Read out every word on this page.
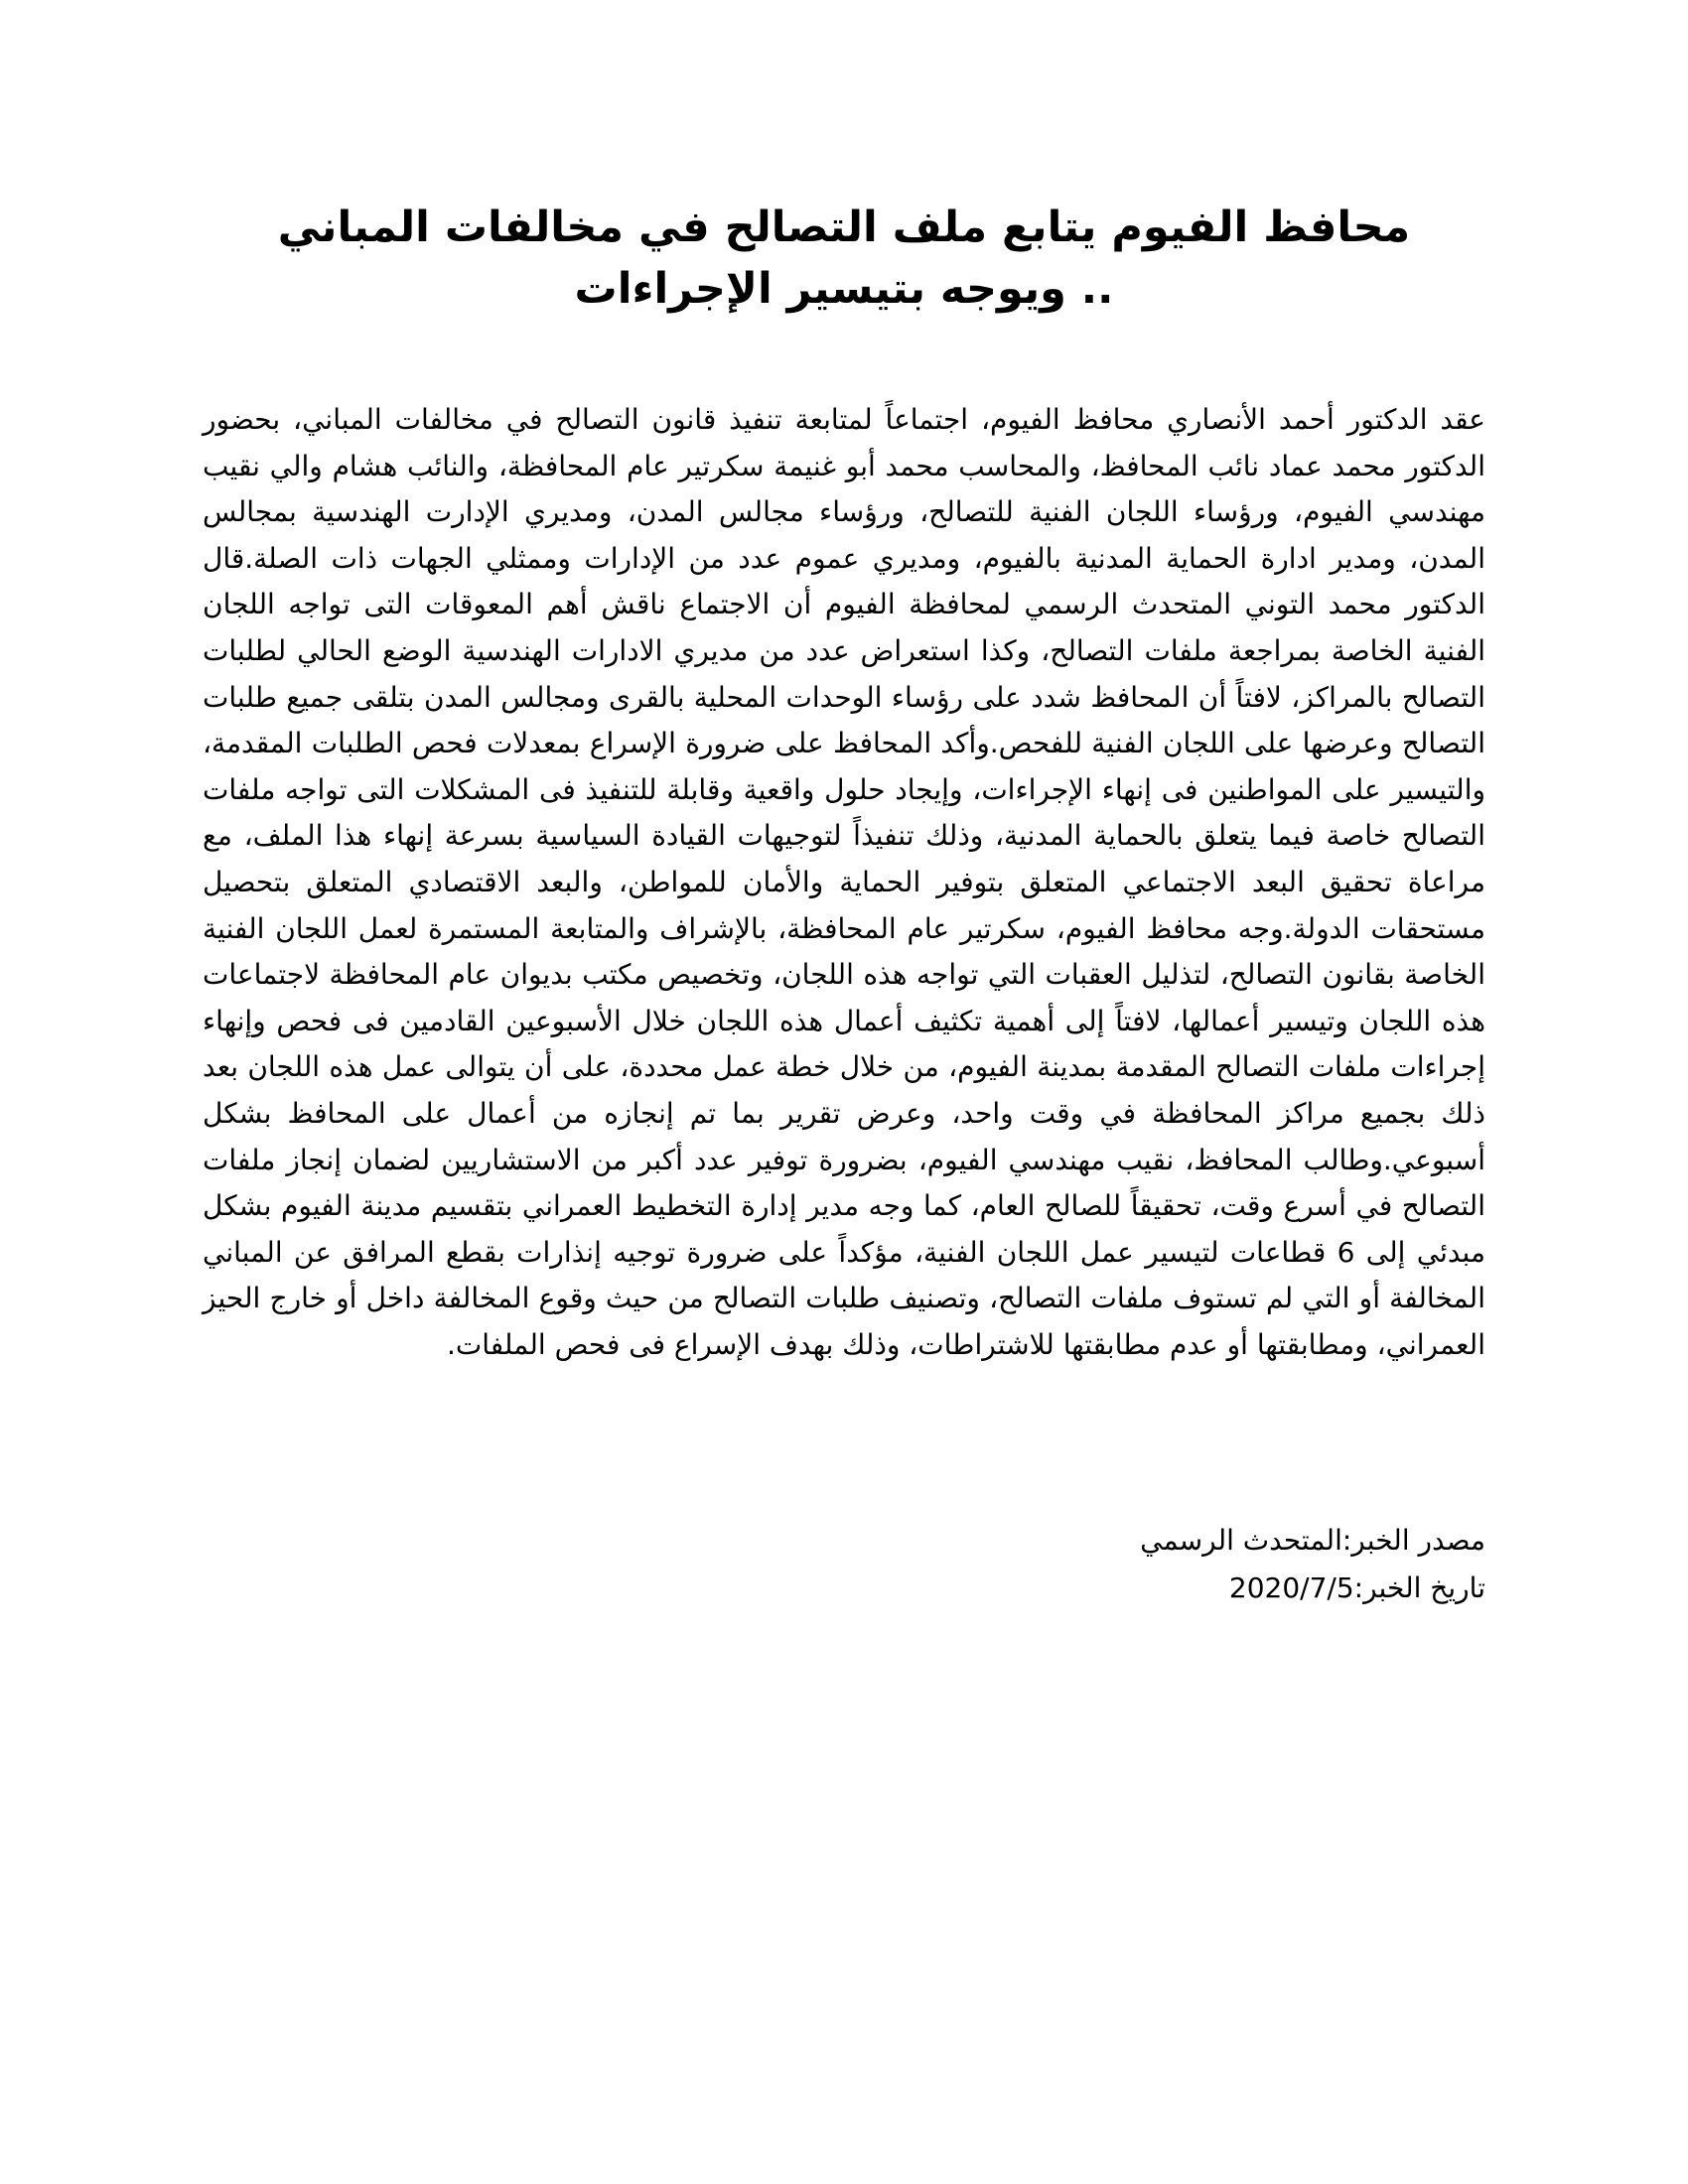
محافظ الفيوم يتابع ملف التصالح في مخالفات المباني .. ويوجه بتيسير الإجراءات

عقد الدكتور أحمد الأنصاري محافظ الفيوم، اجتماعاً لمتابعة تنفيذ قانون التصالح في مخالفات المباني، بحضور الدكتور محمد عماد نائب المحافظ، والمحاسب محمد أبو غنيمة سكرتير عام المحافظة، والنائب هشام والي نقيب مهندسي الفيوم، ورؤساء اللجان الفنية للتصالح، ورؤساء مجالس المدن، ومديري الإدارت الهندسية بمجالس المدن، ومدير ادارة الحماية المدنية بالفيوم، ومديري عموم عدد من الإدارات وممثلي الجهات ذات الصلة.قال الدكتور محمد التوني المتحدث الرسمي لمحافظة الفيوم أن الاجتماع ناقش أهم المعوقات التى تواجه اللجان الفنية الخاصة بمراجعة ملفات التصالح، وكذا استعراض عدد من مديري الادارات الهندسية الوضع الحالي لطلبات التصالح بالمراكز، لافتاً أن المحافظ شدد على رؤساء الوحدات المحلية بالقرى ومجالس المدن بتلقى جميع طلبات التصالح وعرضها على اللجان الفنية للفحص.وأكد المحافظ على ضرورة الإسراع بمعدلات فحص الطلبات المقدمة، والتيسير على المواطنين فى إنهاء الإجراءات، وإيجاد حلول واقعية وقابلة للتنفيذ فى المشكلات التى تواجه ملفات التصالح خاصة فيما يتعلق بالحماية المدنية، وذلك تنفيذاً لتوجيهات القيادة السياسية بسرعة إنهاء هذا الملف، مع مراعاة تحقيق البعد الاجتماعي المتعلق بتوفير الحماية والأمان للمواطن، والبعد الاقتصادي المتعلق بتحصيل مستحقات الدولة.وجه محافظ الفيوم، سكرتير عام المحافظة، بالإشراف والمتابعة المستمرة لعمل اللجان الفنية الخاصة بقانون التصالح، لتذليل العقبات التي تواجه هذه اللجان، وتخصيص مكتب بديوان عام المحافظة لاجتماعات هذه اللجان وتيسير أعمالها، لافتاً إلى أهمية تكثيف أعمال هذه اللجان خلال الأسبوعين القادمين فى فحص وإنهاء إجراءات ملفات التصالح المقدمة بمدينة الفيوم، من خلال خطة عمل محددة، على أن يتوالى عمل هذه اللجان بعد ذلك بجميع مراكز المحافظة في وقت واحد، وعرض تقرير بما تم إنجازه من أعمال على المحافظ بشكل أسبوعي.وطالب المحافظ، نقيب مهندسي الفيوم، بضرورة توفير عدد أكبر من الاستشاريين لضمان إنجاز ملفات التصالح في أسرع وقت، تحقيقاً للصالح العام، كما وجه مدير إدارة التخطيط العمراني بتقسيم مدينة الفيوم بشكل مبدئي إلى 6 قطاعات لتيسير عمل اللجان الفنية، مؤكداً على ضرورة توجيه إنذارات بقطع المرافق عن المباني المخالفة أو التي لم تستوف ملفات التصالح، وتصنيف طلبات التصالح من حيث وقوع المخالفة داخل أو خارج الحيز العمراني، ومطابقتها أو عدم مطابقتها للاشتراطات، وذلك بهدف الإسراع فى فحص الملفات.

مصدر الخبر:المتحدث الرسمي

تاريخ الخبر:2020/7/5
